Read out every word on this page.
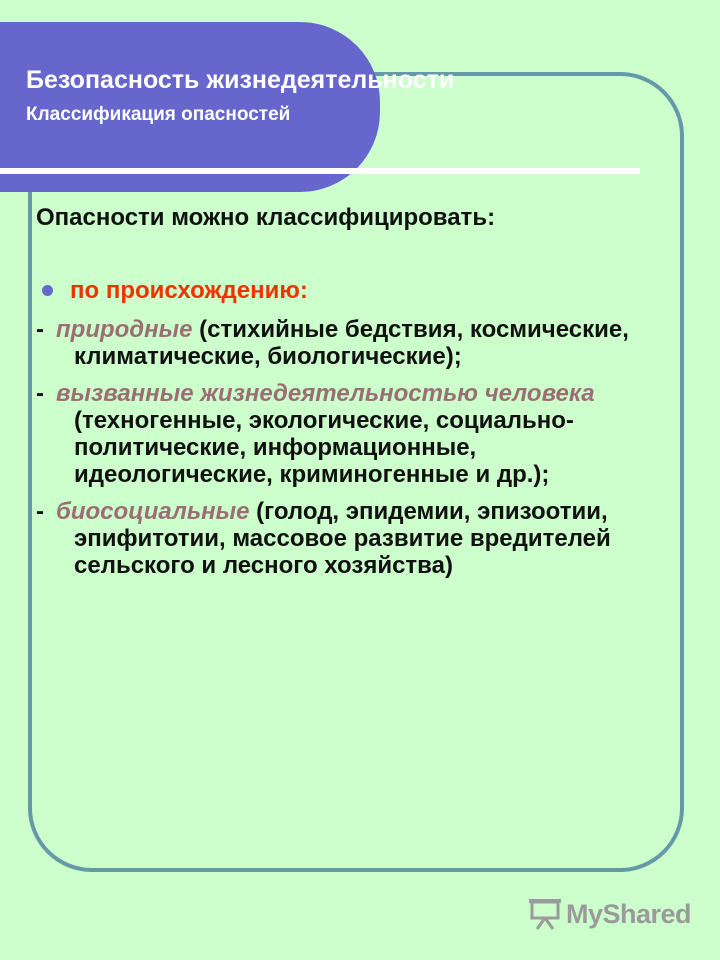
Безопасность жизнедеятельности
Классификация опасностей

Опасности можно классифицировать:

по происхождению:

- природные (стихийные бедствия, космические, климатические, биологические);

- вызванные жизнедеятельностью человека (техногенные, экологические, социально-политические, информационные, идеологические, криминогенные и др.);

- биосоциальные (голод, эпидемии, эпизоотии, эпифитотии, массовое развитие вредителей сельского и лесного хозяйства)

MyShared
